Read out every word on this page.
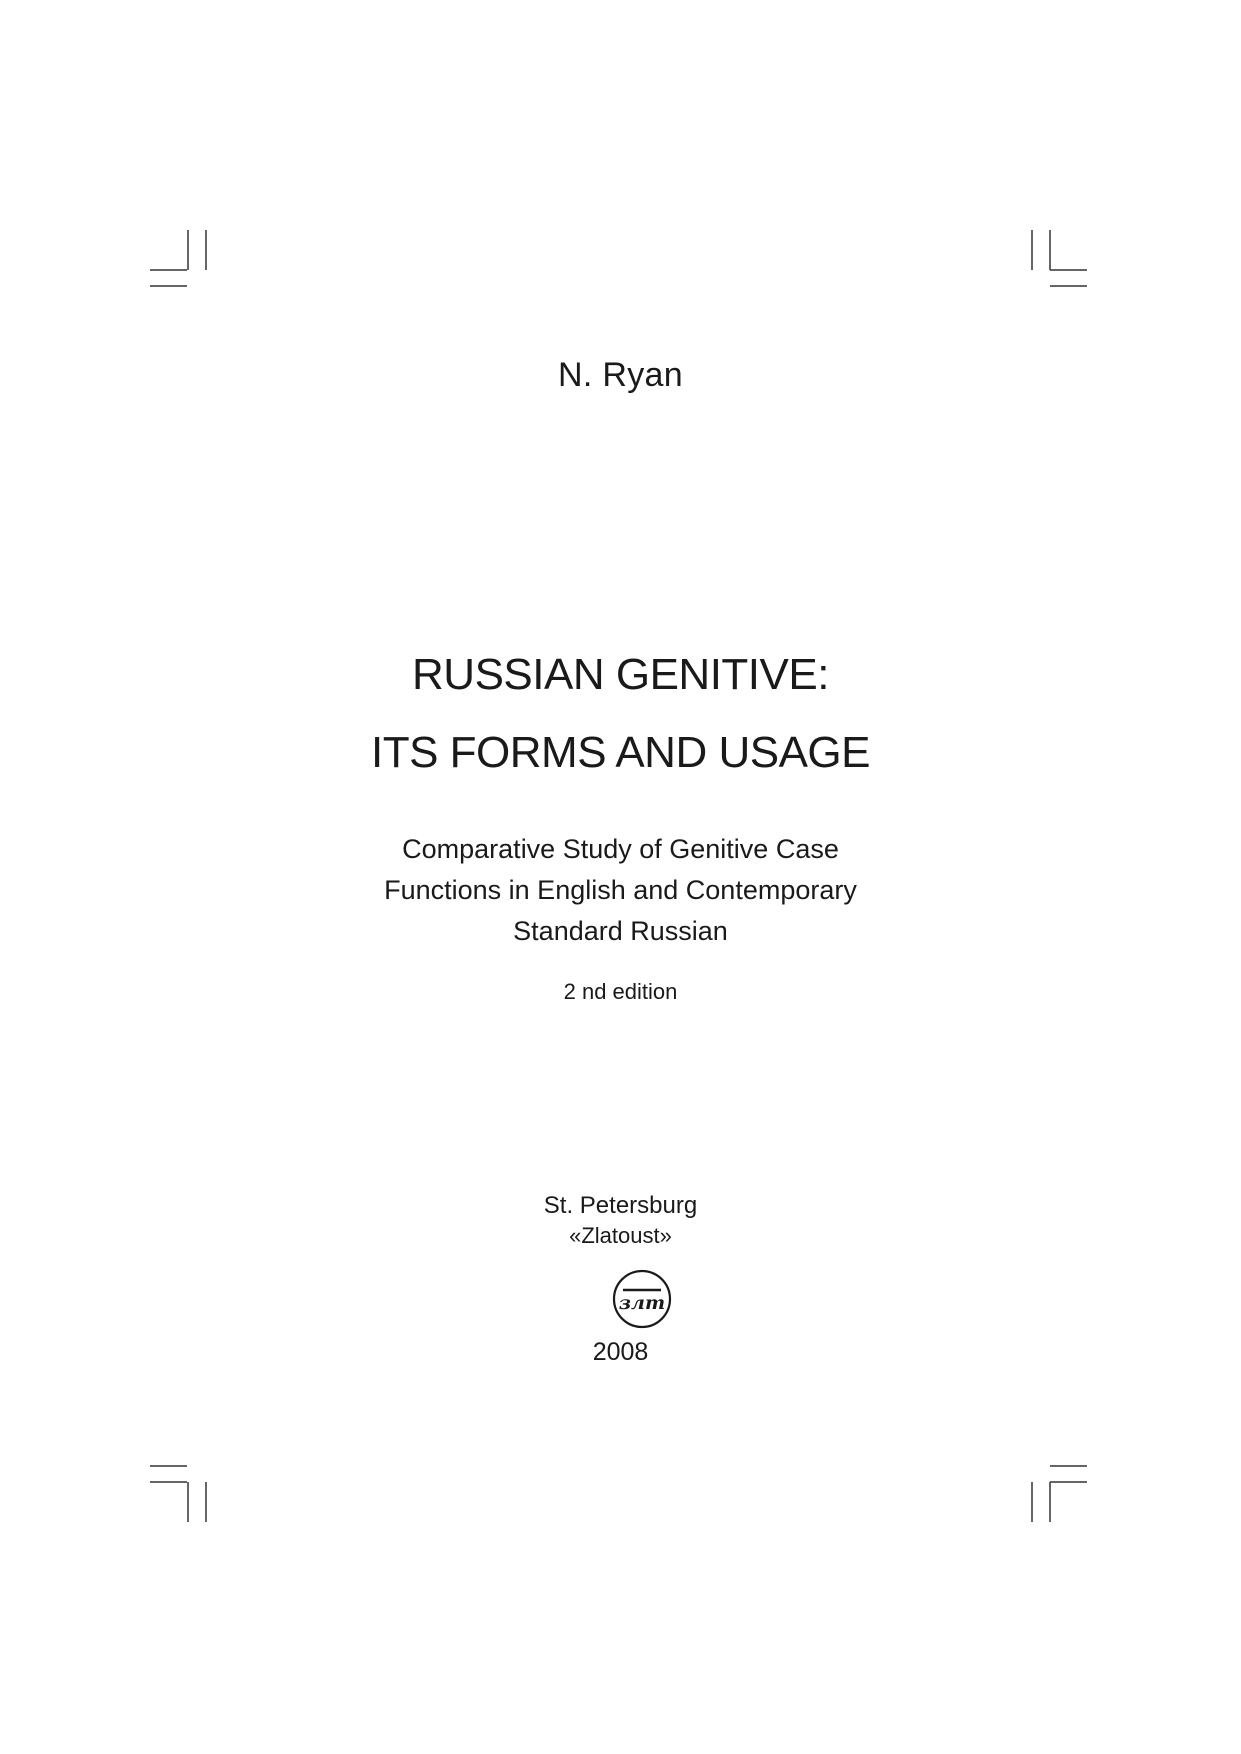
N. Ryan

RUSSIAN GENITIVE:
ITS FORMS AND USAGE
Comparative Study of Genitive Case
Functions in English and Contemporary
Standard Russian

2 nd edition

St. Petersburg

«Zlatoust»

злт

2008
